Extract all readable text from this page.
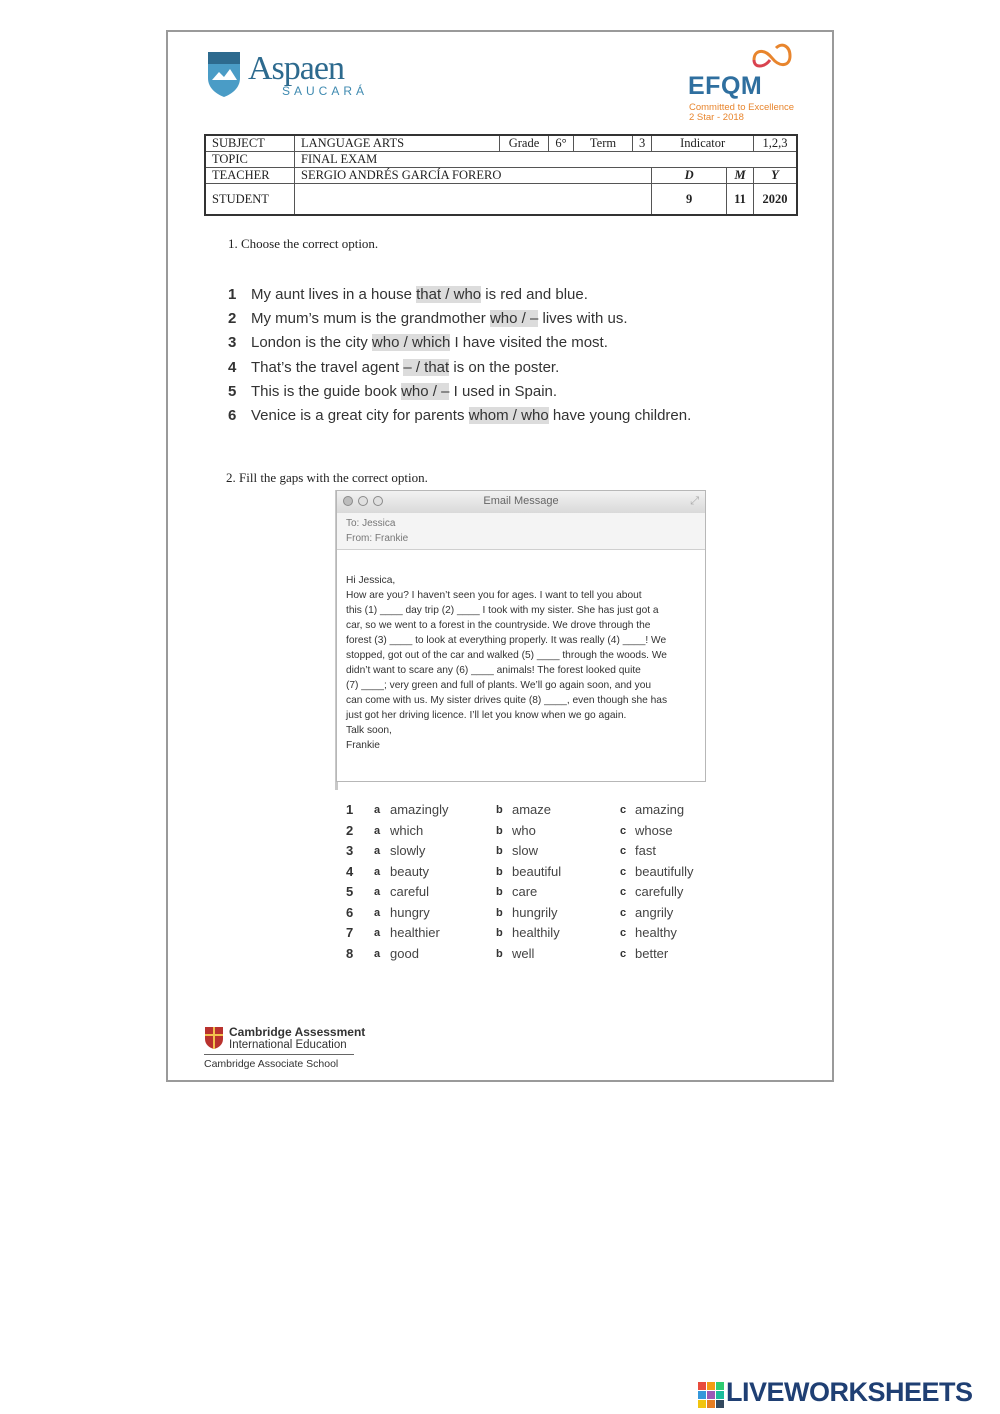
Aspaen
SAUCARÁ	EFQM
Committed to Excellence
2 Star - 2018
SUBJECT	LANGUAGE ARTS	Grade	6°	Term	3	Indicator		1,2,3
TOPIC	FINAL EXAM							
TEACHER	SERGIO ANDRÉS GARCÍA FORERO					D	M	Y
STUDENT						9	11	2020
1. Choose the correct option.
1 My aunt lives in a house that / who is red and blue.
2 My mum’s mum is the grandmother who / – lives with us.
3 London is the city who / which I have visited the most.
4 That’s the travel agent – / that is on the poster.
5 This is the guide book who / – I used in Spain.
6 Venice is a great city for parents whom / who have young children.
2. Fill the gaps with the correct option.
Email Message	⤢
To: Jessica
From: Frankie

Hi Jessica,

How are you? I haven’t seen you for ages. I want to tell you about

this (1) ____ day trip (2) ____ I took with my sister. She has just got a

car, so we went to a forest in the countryside. We drove through the

forest (3) ____ to look at everything properly. It was really (4) ____! We

stopped, got out of the car and walked (5) ____ through the woods. We

didn’t want to scare any (6) ____ animals! The forest looked quite

(7) ____; very green and full of plants. We’ll go again soon, and you

can come with us. My sister drives quite (8) ____, even though she has

just got her driving licence. I’ll let you know when we go again.

Talk soon,

Frankie

1 a amazingly	b amaze	c amazing
2 a which	b who	c whose
3 a slowly	b slow	c fast
4 a beauty	b beautiful	c beautifully
5 a careful	b care	c carefully
6 a hungry	b hungrily	c angrily
7 a healthier	b healthily	c healthy
8 a good	b well	c better
Cambridge Assessment
International Education
Cambridge Associate School
LIVEWORKSHEETS
